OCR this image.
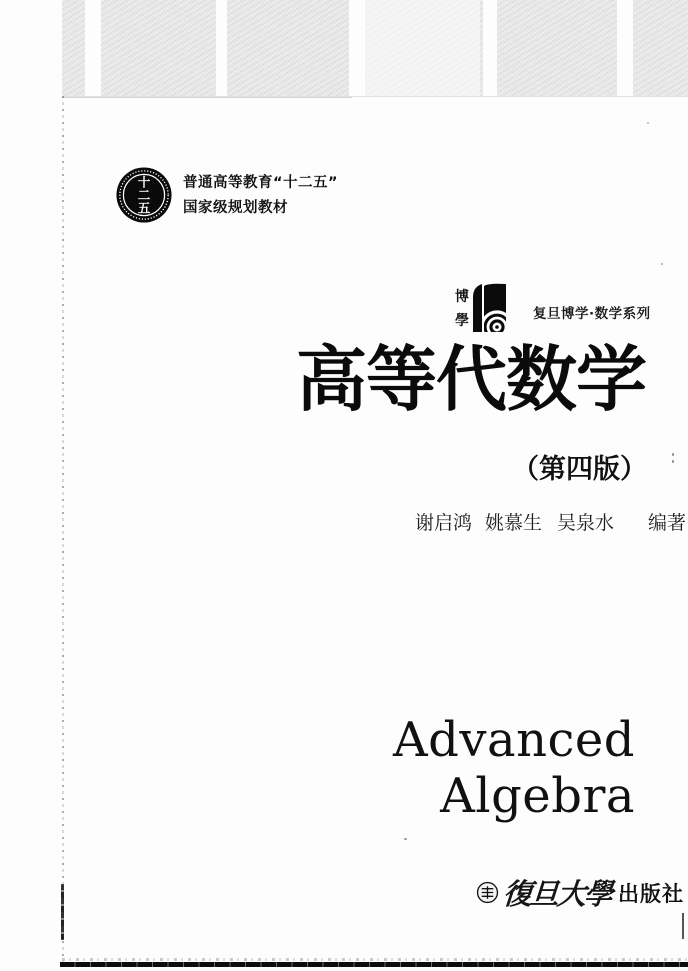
十
二
五
普通高等教育“十二五”
国家级规划教材
博
學	复旦博学·数学系列
高等代数学
（第四版）
谢启鸿 姚慕生 吴泉水 编著
Advanced
Algebra
復旦大學 出版社
